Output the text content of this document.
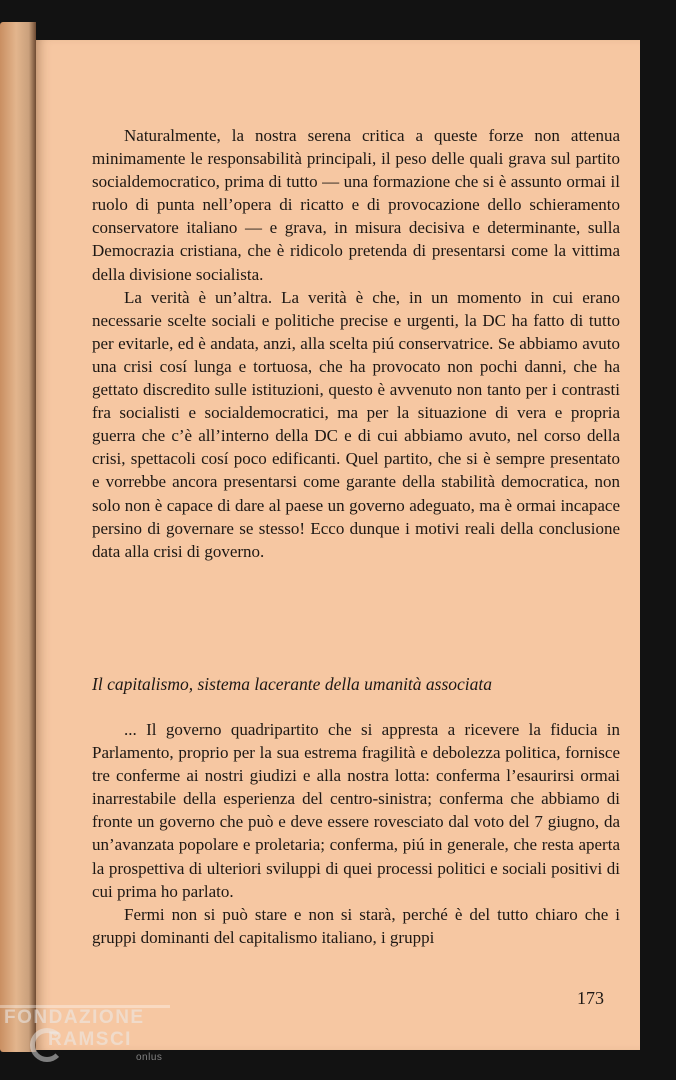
Naturalmente, la nostra serena critica a queste forze non attenua minimamente le responsabilità principali, il peso delle quali grava sul partito socialdemocratico, prima di tutto — una formazione che si è assunto ormai il ruolo di punta nell’opera di ricatto e di provocazione dello schieramento conservatore italiano — e grava, in misura decisiva e determinante, sulla Democrazia cristiana, che è ridicolo pretenda di presentarsi come la vittima della divisione socialista.

La verità è un’altra. La verità è che, in un momento in cui erano necessarie scelte sociali e politiche precise e urgenti, la DC ha fatto di tutto per evitarle, ed è andata, anzi, alla scelta piú conservatrice. Se abbiamo avuto una crisi cosí lunga e tortuosa, che ha provocato non pochi danni, che ha gettato discredito sulle istituzioni, questo è avvenuto non tanto per i contrasti fra socialisti e socialdemocratici, ma per la situazione di vera e propria guerra che c’è all’interno della DC e di cui abbiamo avuto, nel corso della crisi, spettacoli cosí poco edificanti. Quel partito, che si è sempre presentato e vorrebbe ancora presentarsi come garante della stabilità democratica, non solo non è capace di dare al paese un governo adeguato, ma è ormai incapace persino di governare se stesso! Ecco dunque i motivi reali della conclusione data alla crisi di governo.

Il capitalismo, sistema lacerante della umanità associata

... Il governo quadripartito che si appresta a ricevere la fiducia in Parlamento, proprio per la sua estrema fragilità e debolezza politica, fornisce tre conferme ai nostri giudizi e alla nostra lotta: conferma l’esaurirsi ormai inarrestabile della esperienza del centro-sinistra; conferma che abbiamo di fronte un governo che può e deve essere rovesciato dal voto del 7 giugno, da un’avanzata popolare e proletaria; conferma, piú in generale, che resta aperta la prospettiva di ulteriori sviluppi di quei processi politici e sociali positivi di cui prima ho parlato.

Fermi non si può stare e non si starà, perché è del tutto chiaro che i gruppi dominanti del capitalismo italiano, i gruppi

173
FONDAZIONE
RAMSCI
onlus
